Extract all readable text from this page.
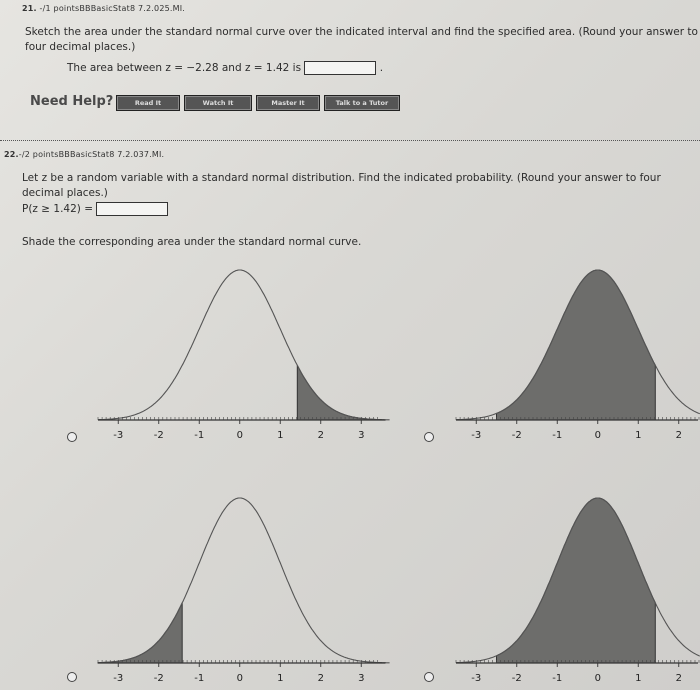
21. -/1 pointsBBBasicStat8 7.2.025.MI.
Sketch the area under the standard normal curve over the indicated interval and find the specified area. (Round your answer to four decimal places.)
The area between z = −2.28 and z = 1.42 is	.
Need Help?	Read It	Watch It	Master It	Talk to a Tutor
22.-/2 pointsBBBasicStat8 7.2.037.MI.
Let z be a random variable with a standard normal distribution. Find the indicated probability. (Round your answer to four decimal places.)
P(z ≥ 1.42) =
Shade the corresponding area under the standard normal curve.
-3	-2	-1	0	1	2	3	-3	-2	-1	0	1	2
-3	-2	-1	0	1	2	3	-3	-2	-1	0	1	2
